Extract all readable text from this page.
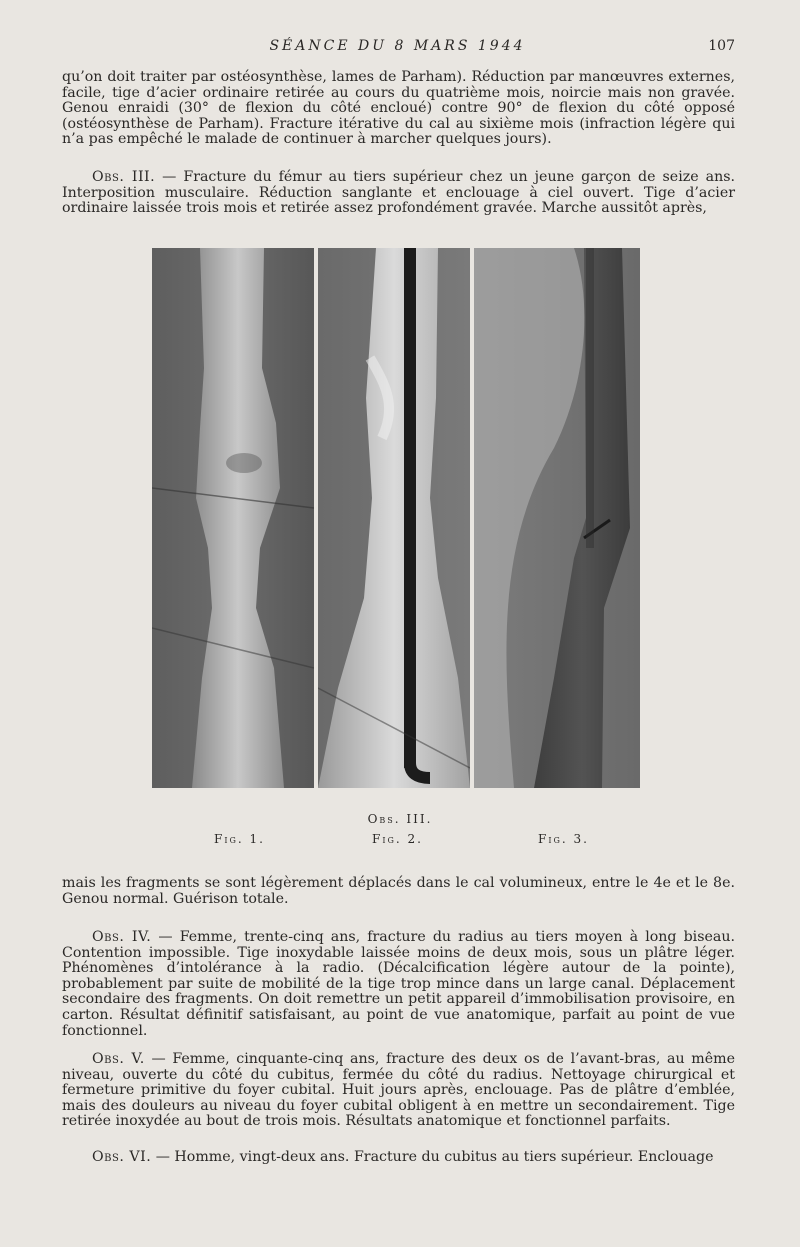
SÉANCE DU 8 MARS 1944	107

qu’on doit traiter par ostéosynthèse, lames de Parham). Réduction par manœuvres externes, facile, tige d’acier ordinaire retirée au cours du quatrième mois, noircie mais non gravée. Genou enraidi (30° de flexion du côté encloué) contre 90° de flexion du côté opposé (ostéosynthèse de Parham). Fracture itérative du cal au sixième mois (infraction légère qui n’a pas empêché le malade de continuer à marcher quelques jours).

Obs. III. — Fracture du fémur au tiers supérieur chez un jeune garçon de seize ans. Interposition musculaire. Réduction sanglante et enclouage à ciel ouvert. Tige d’acier ordinaire laissée trois mois et retirée assez profondément gravée. Marche aussitôt après,

Obs. III.
Fig. 1.	Fig. 2.	Fig. 3.

mais les fragments se sont légèrement déplacés dans le cal volumineux, entre le 4e et le 8e. Genou normal. Guérison totale.

Obs. IV. — Femme, trente-cinq ans, fracture du radius au tiers moyen à long biseau. Contention impossible. Tige inoxydable laissée moins de deux mois, sous un plâtre léger. Phénomènes d’intolérance à la radio. (Décalcification légère autour de la pointe), probablement par suite de mobilité de la tige trop mince dans un large canal. Déplacement secondaire des fragments. On doit remettre un petit appareil d’immobilisation provisoire, en carton. Résultat définitif satisfaisant, au point de vue anatomique, parfait au point de vue fonctionnel.

Obs. V. — Femme, cinquante-cinq ans, fracture des deux os de l’avant-bras, au même niveau, ouverte du côté du cubitus, fermée du côté du radius. Nettoyage chirurgical et fermeture primitive du foyer cubital. Huit jours après, enclouage. Pas de plâtre d’emblée, mais des douleurs au niveau du foyer cubital obligent à en mettre un secondairement. Tige retirée inoxydée au bout de trois mois. Résultats anatomique et fonctionnel parfaits.

Obs. VI. — Homme, vingt-deux ans. Fracture du cubitus au tiers supérieur. Enclouage
